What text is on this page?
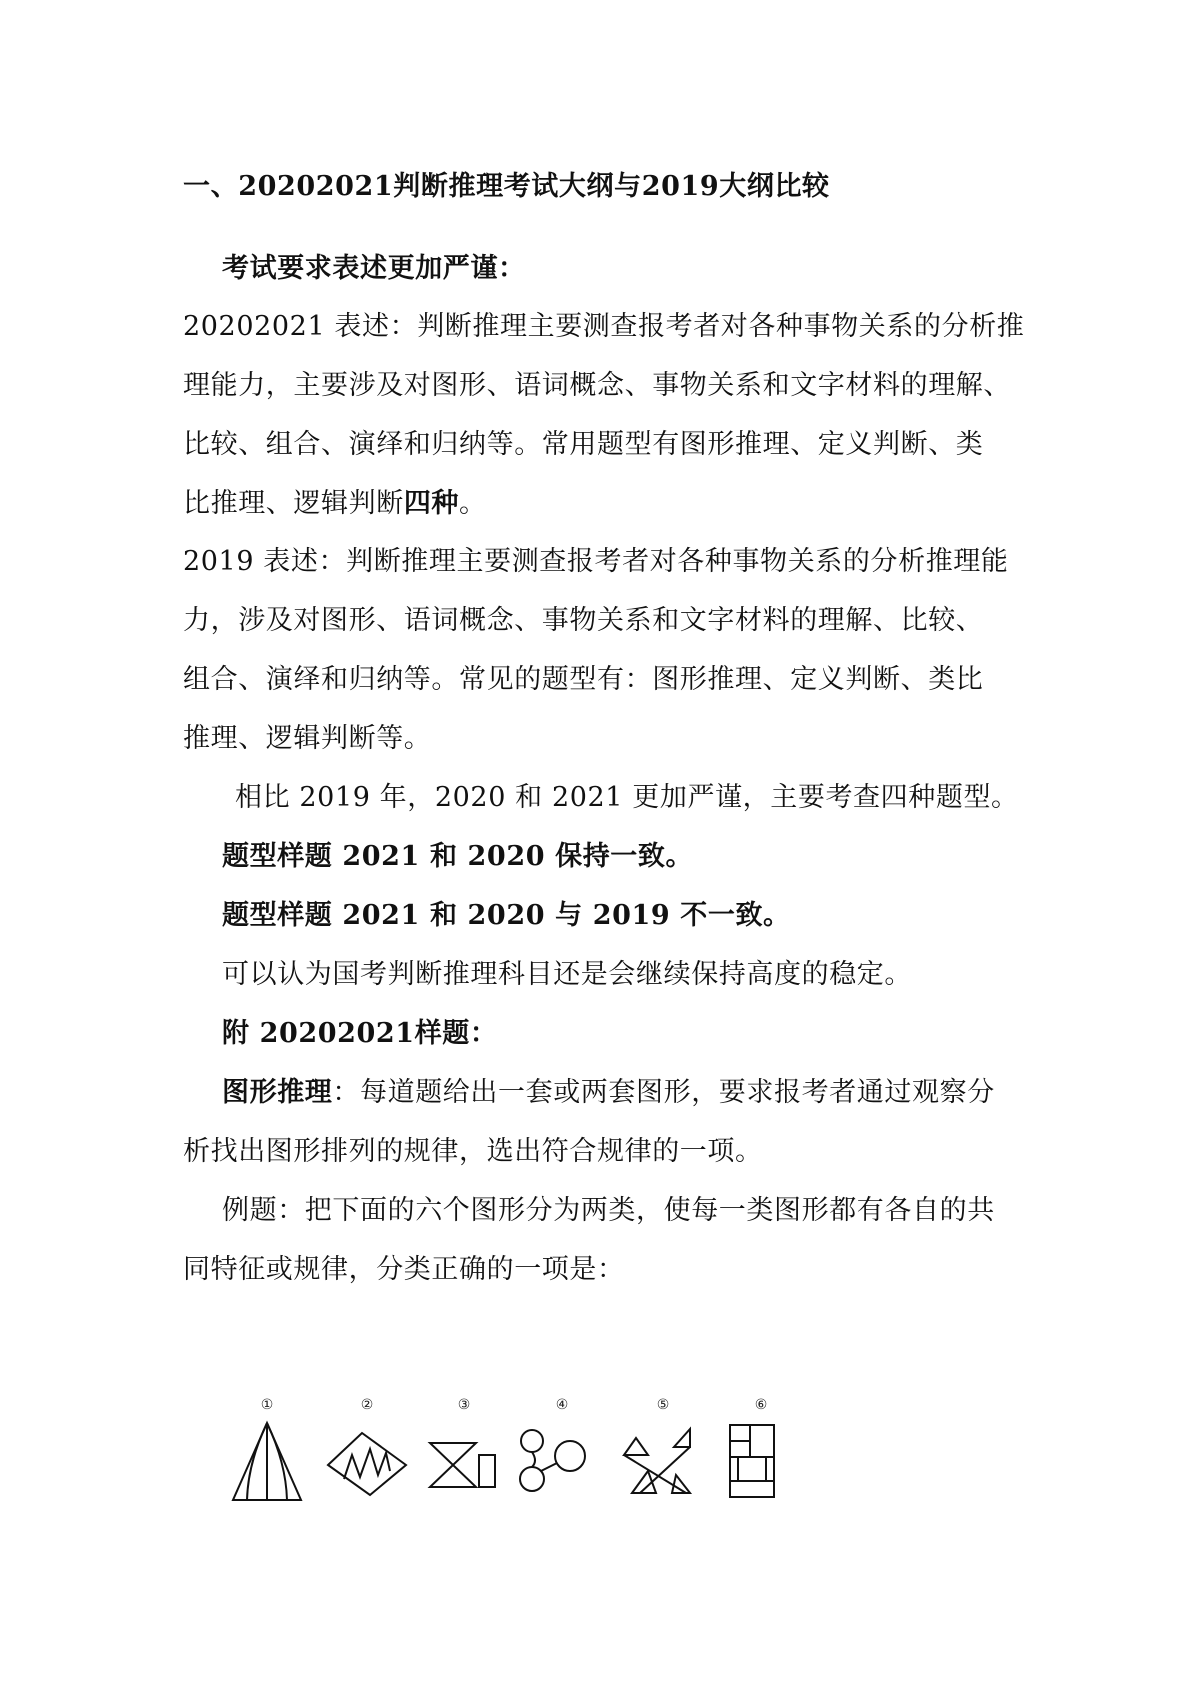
一、20202021判断推理考试大纲与2019大纲比较
考试要求表述更加严谨：
20202021 表述：判断推理主要测查报考者对各种事物关系的分析推
理能力，主要涉及对图形、语词概念、事物关系和文字材料的理解、
比较、组合、演绎和归纳等。常用题型有图形推理、定义判断、类
比推理、逻辑判断四种。
2019 表述：判断推理主要测查报考者对各种事物关系的分析推理能
力，涉及对图形、语词概念、事物关系和文字材料的理解、比较、
组合、演绎和归纳等。常见的题型有：图形推理、定义判断、类比
推理、逻辑判断等。
相比 2019 年，2020 和 2021 更加严谨，主要考查四种题型。
题型样题 2021 和 2020 保持一致。
题型样题 2021 和 2020 与 2019 不一致。
可以认为国考判断推理科目还是会继续保持高度的稳定。
附 20202021样题：
图形推理：每道题给出一套或两套图形，要求报考者通过观察分
析找出图形排列的规律，选出符合规律的一项。
例题：把下面的六个图形分为两类，使每一类图形都有各自的共
同特征或规律，分类正确的一项是：
①	②	③	④	⑤	⑥
